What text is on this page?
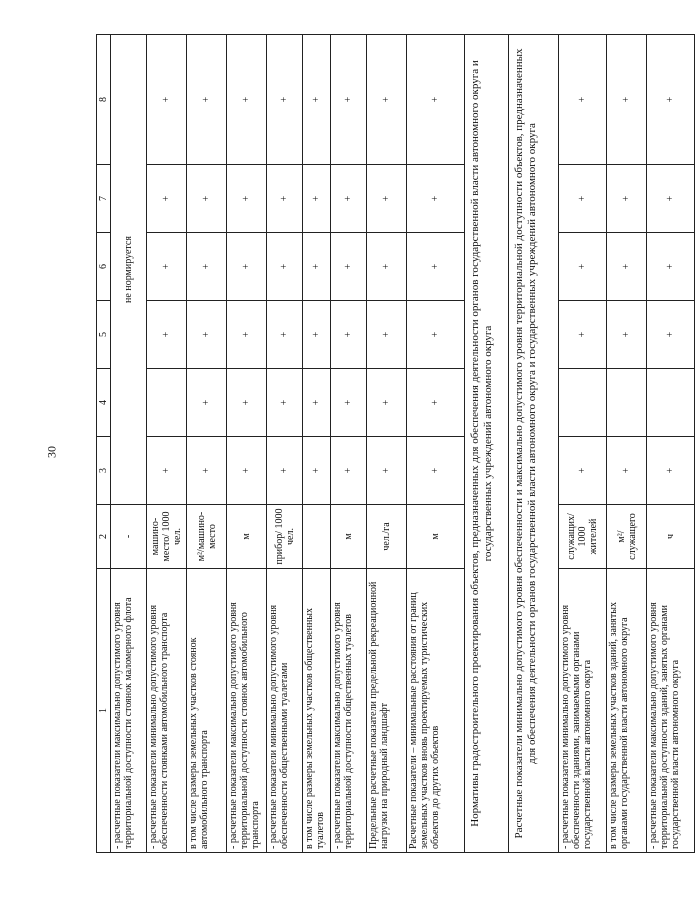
30
1	2	3	4	5	6	7	8
- расчетные показатели максимально допустимого уровня территориальной доступности стоянок маломерного флота	-	не нормируется					
- расчетные показатели минимально допустимого уровня обеспеченности стоянками автомобильного транспорта	машино-место/ 1000 чел.	+		+	+	+	+
в том числе размеры земельных участков стоянок автомобильного транспорта	м²/машино-место	+	+	+	+	+	+
- расчетные показатели максимально допустимого уровня территориальной доступности стоянок автомобильного транспорта	м	+	+	+	+	+	+
- расчетные показатели минимально допустимого уровня обеспеченности общественными туалетами	прибор/ 1000 чел.	+	+	+	+	+	+
в том числе размеры земельных участков общественных туалетов		+	+	+	+	+	+
- расчетные показатели максимально допустимого уровня территориальной доступности общественных туалетов	м	+	+	+	+	+	+
Предельные расчетные показатели предельной рекреационной нагрузки на природный ландшафт	чел./га	+	+	+	+	+	+
Расчетные показатели – минимальные расстояния от границ земельных участков вновь проектируемых туристических объектов до других объектов	м	+	+	+	+	+	+
Нормативы градостроительного проектирования объектов, предназначенных для обеспечения деятельности органов государственной власти автономного округа и государственных учреждений автономного округа							
Расчетные показатели минимально допустимого уровня обеспеченности и максимально допустимого уровня территориальной доступности объектов, предназначенных для обеспечения деятельности органов государственной власти автономного округа и государственных учреждений автономного округа							
- расчетные показатели минимально допустимого уровня обеспеченности зданиями, занимаемыми органами государственной власти автономного округа	служащих/ 1000 жителей	+		+	+	+	+
в том числе размеры земельных участков зданий, занятых органами государственной власти автономного округа	м²/служащего	+		+	+	+	+
- расчетные показатели максимально допустимого уровня территориальной доступности зданий, занятых органами государственной власти автономного округа	ч	+		+	+	+	+
